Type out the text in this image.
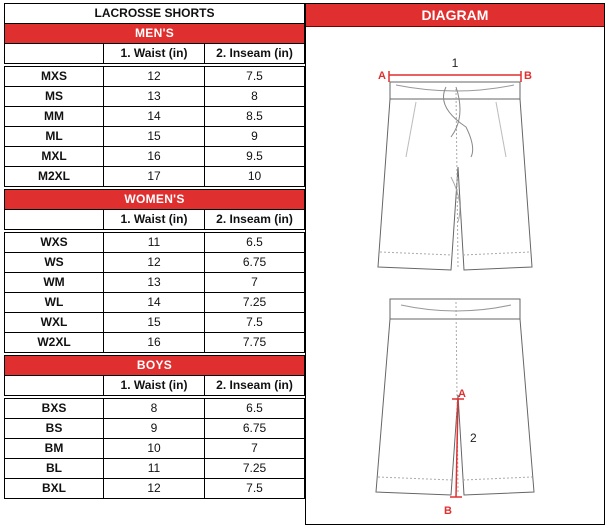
LACROSSE SHORTS		
MEN'S		
	1. Waist (in)	2. Inseam (in)

MXS	12	7.5
MS	13	8
MM	14	8.5
ML	15	9
MXL	16	9.5
M2XL	17	10

WOMEN'S		
	1. Waist (in)	2. Inseam (in)

WXS	11	6.5
WS	12	6.75
WM	13	7
WL	14	7.25
WXL	15	7.5
W2XL	16	7.75

BOYS		
	1. Waist (in)	2. Inseam (in)

BXS	8	6.5
BS	9	6.75
BM	10	7
BL	11	7.25
BXL	12	7.5
DIAGRAM
1
A	B
A
B
2
